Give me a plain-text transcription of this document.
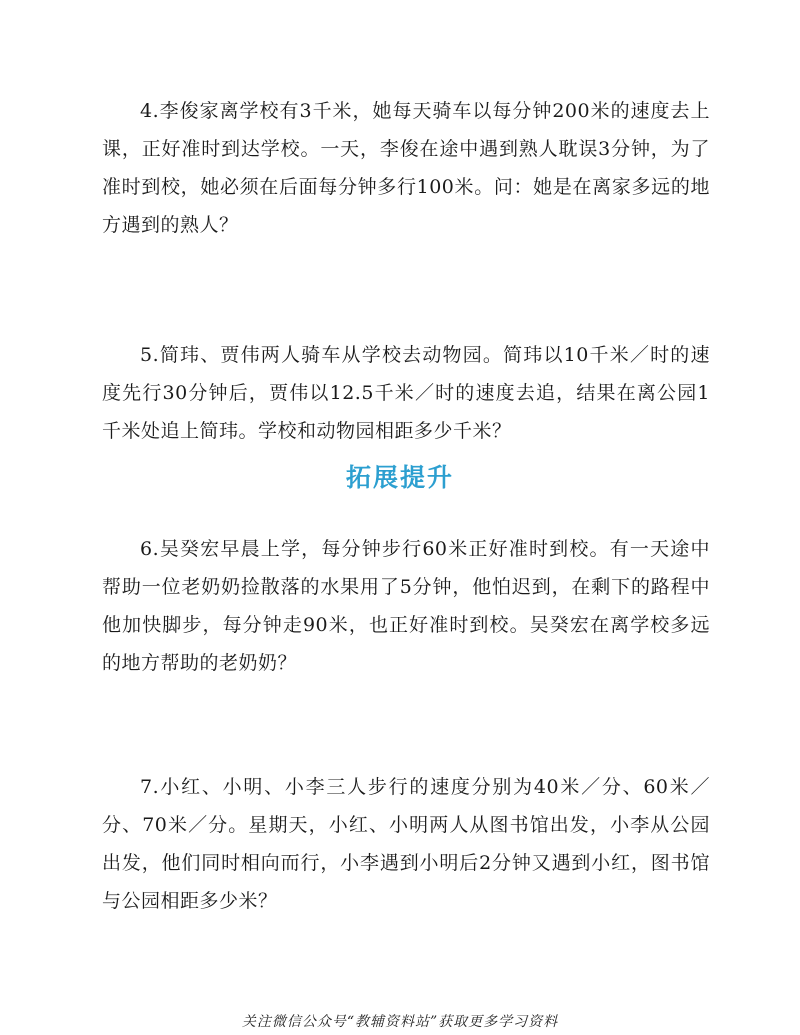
4.李俊家离学校有3千米，她每天骑车以每分钟200米的速度去上课，正好准时到达学校。一天，李俊在途中遇到熟人耽误3分钟，为了准时到校，她必须在后面每分钟多行100米。问：她是在离家多远的地方遇到的熟人？
5.简玮、贾伟两人骑车从学校去动物园。简玮以10千米／时的速度先行30分钟后，贾伟以12.5千米／时的速度去追，结果在离公园1千米处追上简玮。学校和动物园相距多少千米？
拓展提升
6.吴癸宏早晨上学，每分钟步行60米正好准时到校。有一天途中帮助一位老奶奶捡散落的水果用了5分钟，他怕迟到，在剩下的路程中他加快脚步，每分钟走90米，也正好准时到校。吴癸宏在离学校多远的地方帮助的老奶奶？
7.小红、小明、小李三人步行的速度分别为40米／分、60米／分、70米／分。星期天，小红、小明两人从图书馆出发，小李从公园出发，他们同时相向而行，小李遇到小明后2分钟又遇到小红，图书馆与公园相距多少米？
关注微信公众号“教辅资料站”获取更多学习资料
